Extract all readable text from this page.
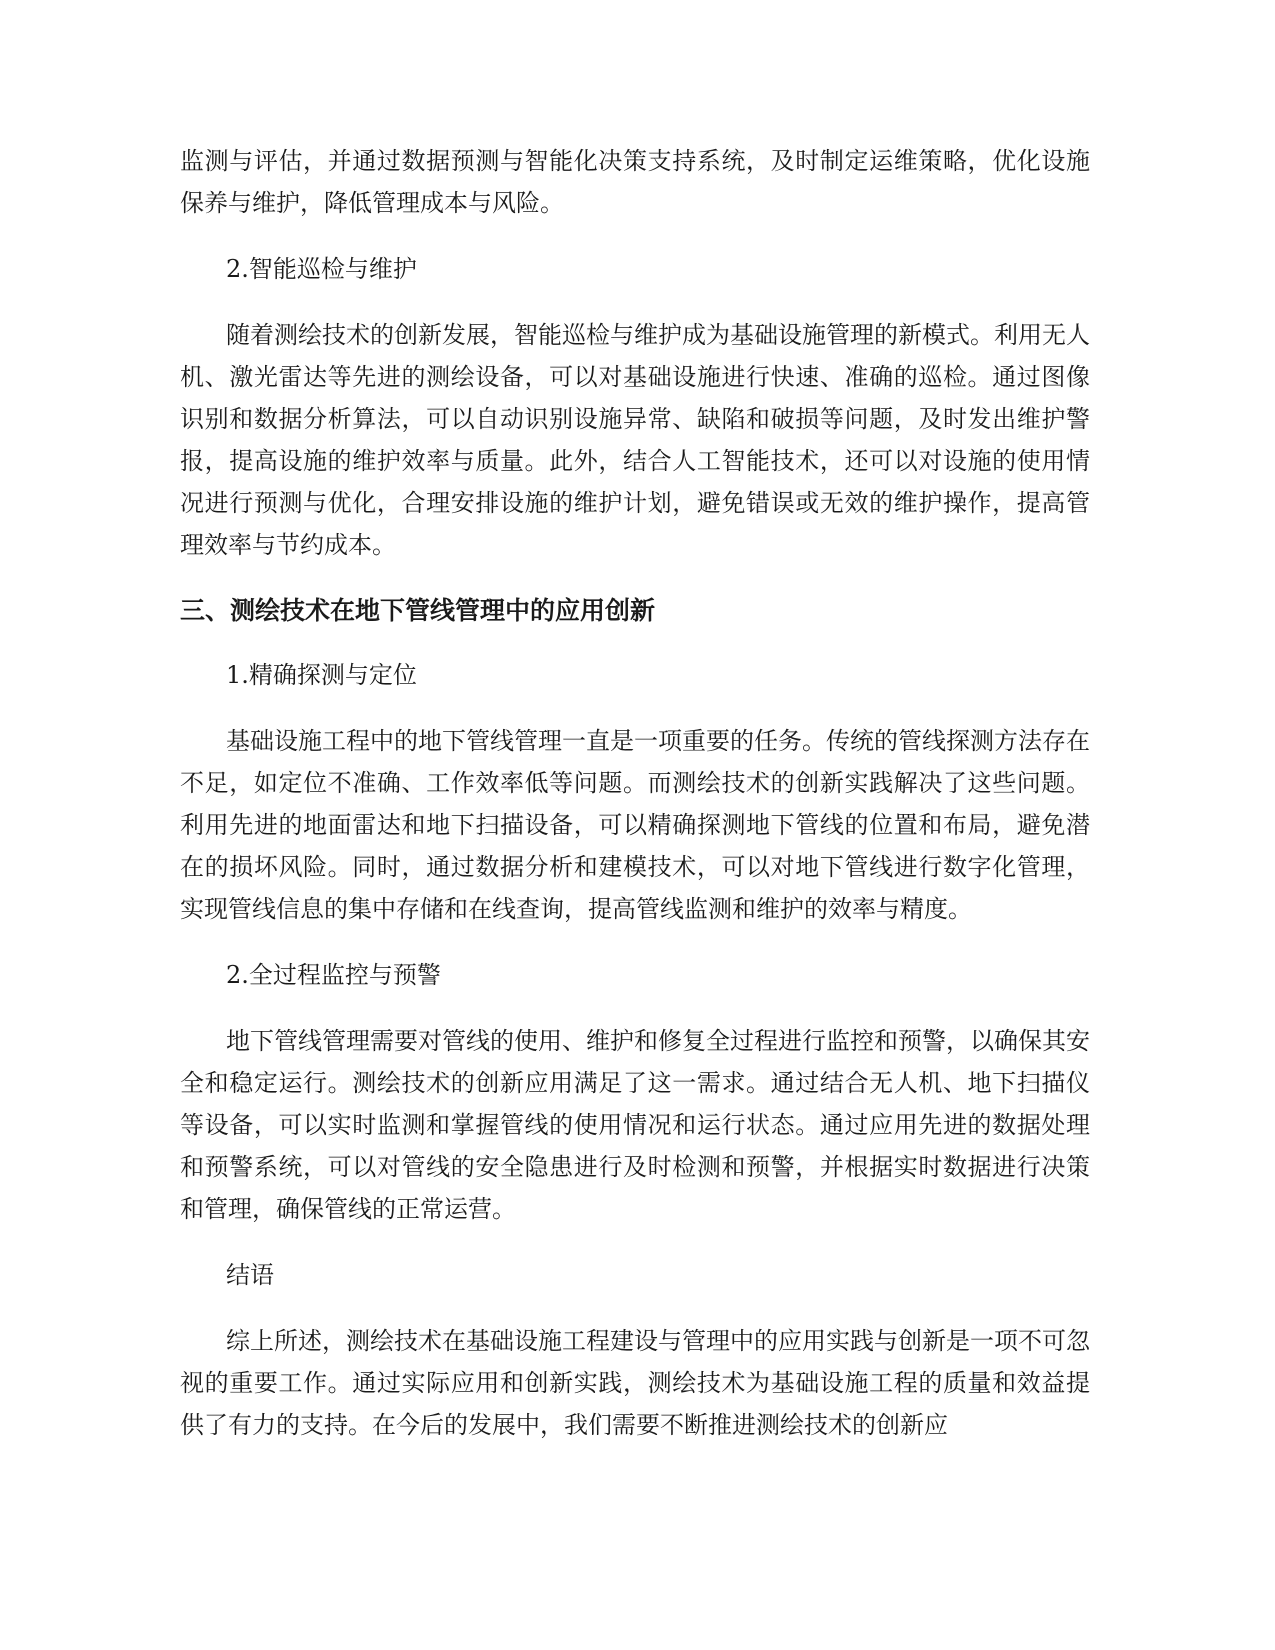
监测与评估，并通过数据预测与智能化决策支持系统，及时制定运维策略，优化设施保养与维护，降低管理成本与风险。

2.智能巡检与维护

随着测绘技术的创新发展，智能巡检与维护成为基础设施管理的新模式。利用无人机、激光雷达等先进的测绘设备，可以对基础设施进行快速、准确的巡检。通过图像识别和数据分析算法，可以自动识别设施异常、缺陷和破损等问题，及时发出维护警报，提高设施的维护效率与质量。此外，结合人工智能技术，还可以对设施的使用情况进行预测与优化，合理安排设施的维护计划，避免错误或无效的维护操作，提高管理效率与节约成本。

三、测绘技术在地下管线管理中的应用创新

1.精确探测与定位

基础设施工程中的地下管线管理一直是一项重要的任务。传统的管线探测方法存在不足，如定位不准确、工作效率低等问题。而测绘技术的创新实践解决了这些问题。利用先进的地面雷达和地下扫描设备，可以精确探测地下管线的位置和布局，避免潜在的损坏风险。同时，通过数据分析和建模技术，可以对地下管线进行数字化管理，实现管线信息的集中存储和在线查询，提高管线监测和维护的效率与精度。

2.全过程监控与预警

地下管线管理需要对管线的使用、维护和修复全过程进行监控和预警，以确保其安全和稳定运行。测绘技术的创新应用满足了这一需求。通过结合无人机、地下扫描仪等设备，可以实时监测和掌握管线的使用情况和运行状态。通过应用先进的数据处理和预警系统，可以对管线的安全隐患进行及时检测和预警，并根据实时数据进行决策和管理，确保管线的正常运营。

结语

综上所述，测绘技术在基础设施工程建设与管理中的应用实践与创新是一项不可忽视的重要工作。通过实际应用和创新实践，测绘技术为基础设施工程的质量和效益提供了有力的支持。在今后的发展中，我们需要不断推进测绘技术的创新应
